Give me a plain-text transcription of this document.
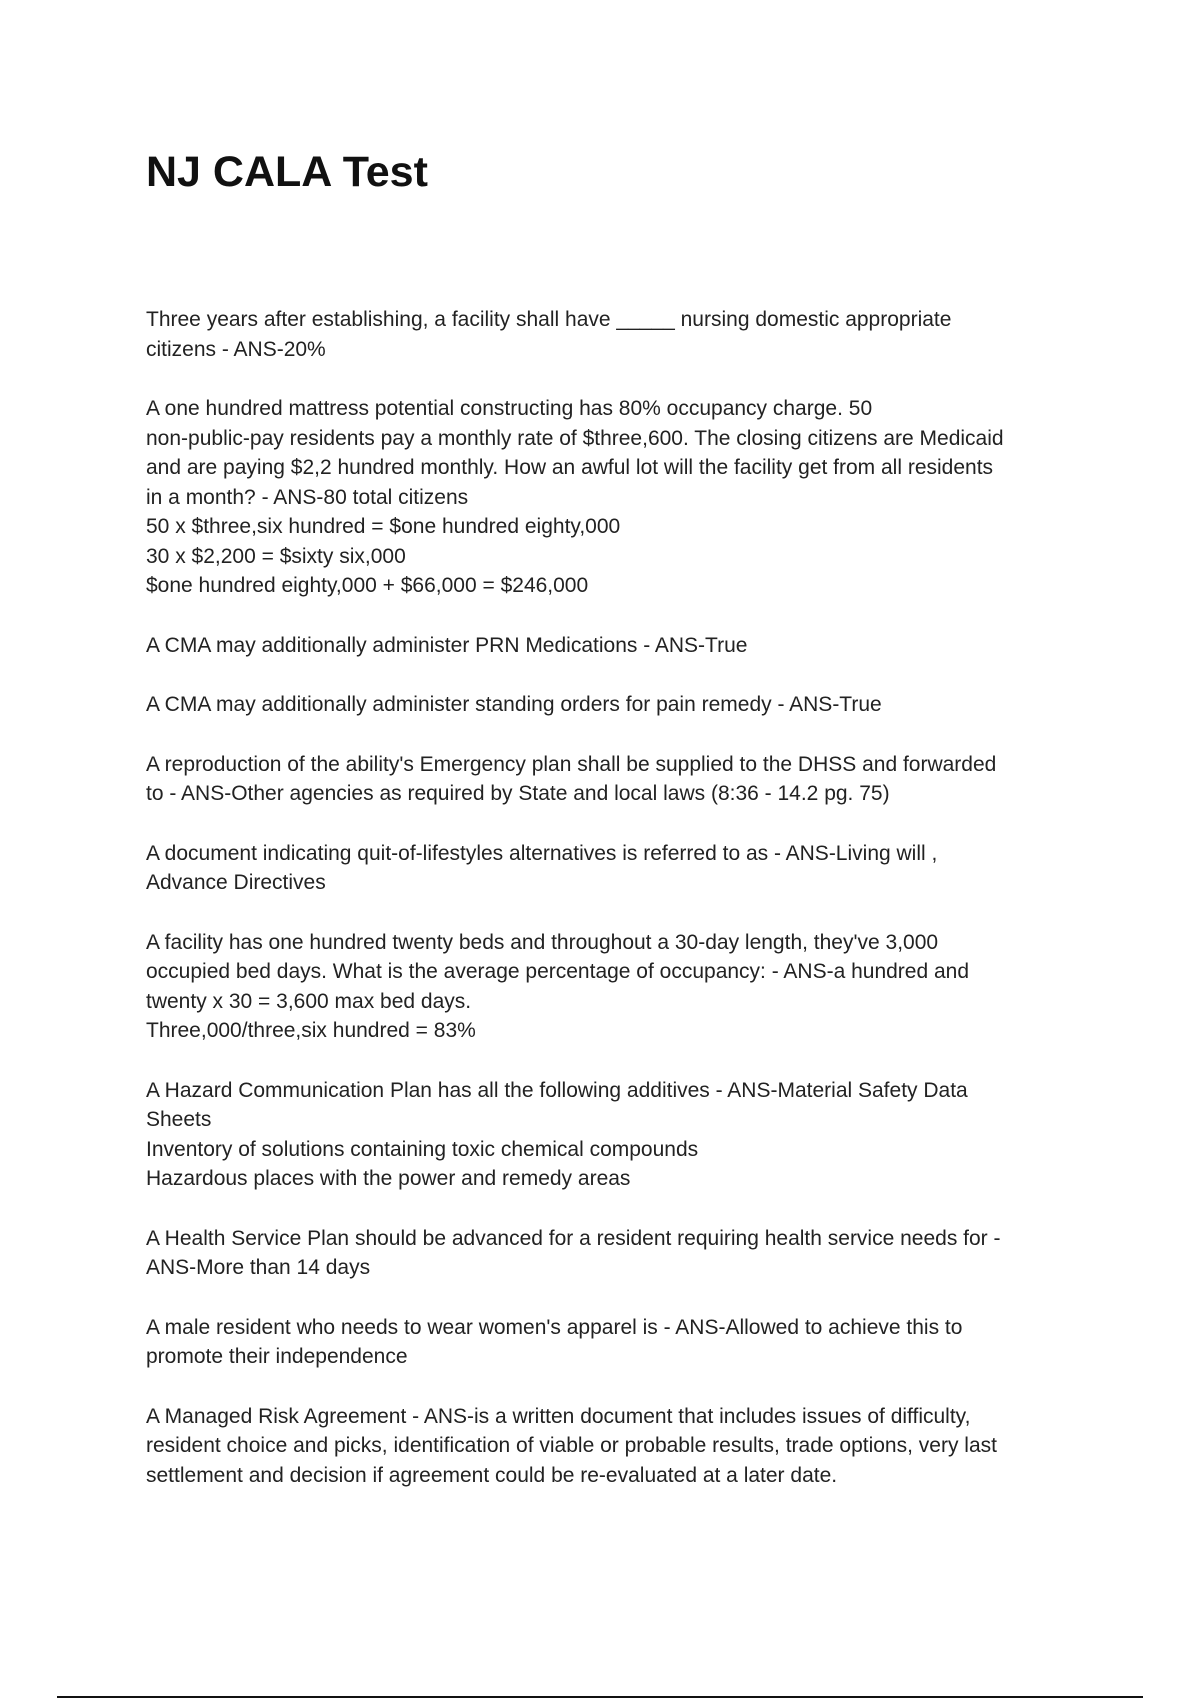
NJ CALA Test
Three years after establishing, a facility shall have _____ nursing domestic appropriate
citizens - ANS-20%
A one hundred mattress potential constructing has 80% occupancy charge. 50
non-public-pay residents pay a monthly rate of $three,600. The closing citizens are Medicaid
and are paying $2,2 hundred monthly. How an awful lot will the facility get from all residents
in a month? - ANS-80 total citizens
50 x $three,six hundred = $one hundred eighty,000
30 x $2,200 = $sixty six,000
$one hundred eighty,000 + $66,000 = $246,000
A CMA may additionally administer PRN Medications - ANS-True
A CMA may additionally administer standing orders for pain remedy - ANS-True
A reproduction of the ability's Emergency plan shall be supplied to the DHSS and forwarded
to - ANS-Other agencies as required by State and local laws (8:36 - 14.2 pg. 75)
A document indicating quit-of-lifestyles alternatives is referred to as - ANS-Living will ,
Advance Directives
A facility has one hundred twenty beds and throughout a 30-day length, they've 3,000
occupied bed days. What is the average percentage of occupancy: - ANS-a hundred and
twenty x 30 = 3,600 max bed days.
Three,000/three,six hundred = 83%
A Hazard Communication Plan has all the following additives - ANS-Material Safety Data
Sheets
Inventory of solutions containing toxic chemical compounds
Hazardous places with the power and remedy areas
A Health Service Plan should be advanced for a resident requiring health service needs for -
ANS-More than 14 days
A male resident who needs to wear women's apparel is - ANS-Allowed to achieve this to
promote their independence
A Managed Risk Agreement - ANS-is a written document that includes issues of difficulty,
resident choice and picks, identification of viable or probable results, trade options, very last
settlement and decision if agreement could be re-evaluated at a later date.
